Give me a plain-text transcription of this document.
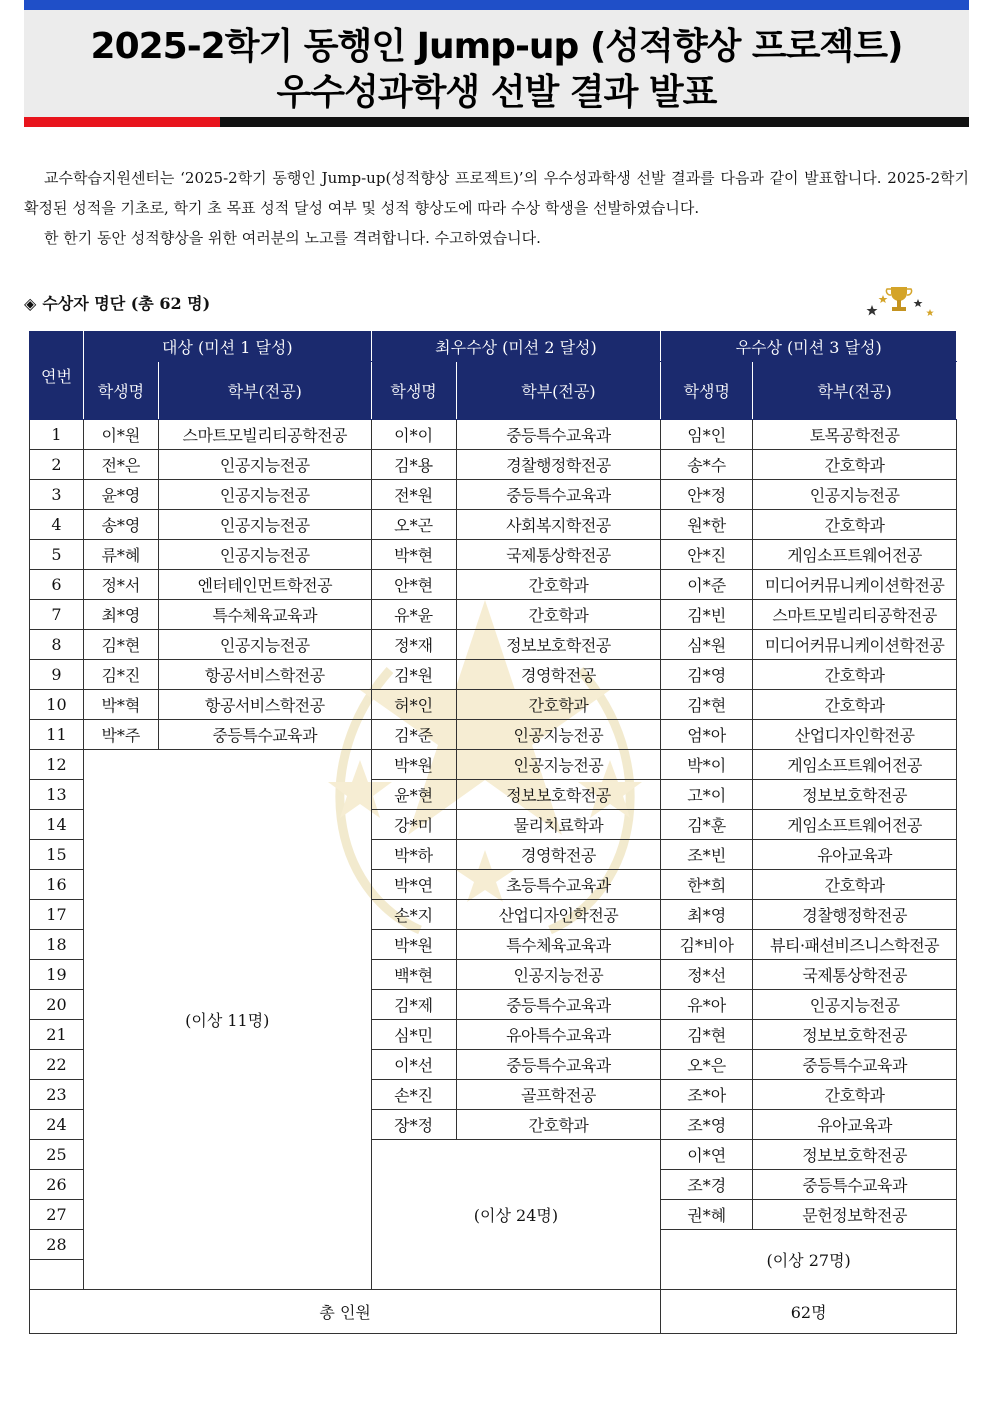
2025-2학기 동행인 Jump-up (성적향상 프로젝트)
우수성과학생 선발 결과 발표

교수학습지원센터는 ‘2025-2학기 동행인 Jump-up(성적향상 프로젝트)’의 우수성과학생 선발 결과를 다음과 같이 발표합니다. 2025-2학기 확정된 성적을 기초로, 학기 초 목표 성적 달성 여부 및 성적 향상도에 따라 수상 학생을 선발하였습니다.

한 한기 동안 성적향상을 위한 여러분의 노고를 격려합니다. 수고하였습니다.

◈ 수상자 명단 (총 62 명)
연번	대상 (미션 1 달성)		최우수상 (미션 2 달성)		우수상 (미션 3 달성)	
	학생명	학부(전공)	학생명	학부(전공)	학생명	학부(전공)
1	이*원	스마트모빌리티공학전공	이*이	중등특수교육과	임*인	토목공학전공
2	전*은	인공지능전공	김*용	경찰행정학전공	송*수	간호학과
3	윤*영	인공지능전공	전*원	중등특수교육과	안*정	인공지능전공
4	송*영	인공지능전공	오*곤	사회복지학전공	원*한	간호학과
5	류*혜	인공지능전공	박*현	국제통상학전공	안*진	게임소프트웨어전공
6	정*서	엔터테인먼트학전공	안*현	간호학과	이*준	미디어커뮤니케이션학전공
7	최*영	특수체육교육과	유*윤	간호학과	김*빈	스마트모빌리티공학전공
8	김*현	인공지능전공	정*재	정보보호학전공	심*원	미디어커뮤니케이션학전공
9	김*진	항공서비스학전공	김*원	경영학전공	김*영	간호학과
10	박*혁	항공서비스학전공	허*인	간호학과	김*현	간호학과
11	박*주	중등특수교육과	김*준	인공지능전공	엄*아	산업디자인학전공
12	(이상 11명)		박*원	인공지능전공	박*이	게임소프트웨어전공
13			윤*현	정보보호학전공	고*이	정보보호학전공
14			강*미	물리치료학과	김*훈	게임소프트웨어전공
15			박*하	경영학전공	조*빈	유아교육과
16			박*연	초등특수교육과	한*희	간호학과
17			손*지	산업디자인학전공	최*영	경찰행정학전공
18			박*원	특수체육교육과	김*비아	뷰티·패션비즈니스학전공
19			백*현	인공지능전공	정*선	국제통상학전공
20			김*제	중등특수교육과	유*아	인공지능전공
21			심*민	유아특수교육과	김*현	정보보호학전공
22			이*선	중등특수교육과	오*은	중등특수교육과
23			손*진	골프학전공	조*아	간호학과
24			장*정	간호학과	조*영	유아교육과
25			(이상 24명)		이*연	정보보호학전공
26					조*경	중등특수교육과
27					권*혜	문헌정보학전공
28					(이상 27명)	

총 인원					62명	
